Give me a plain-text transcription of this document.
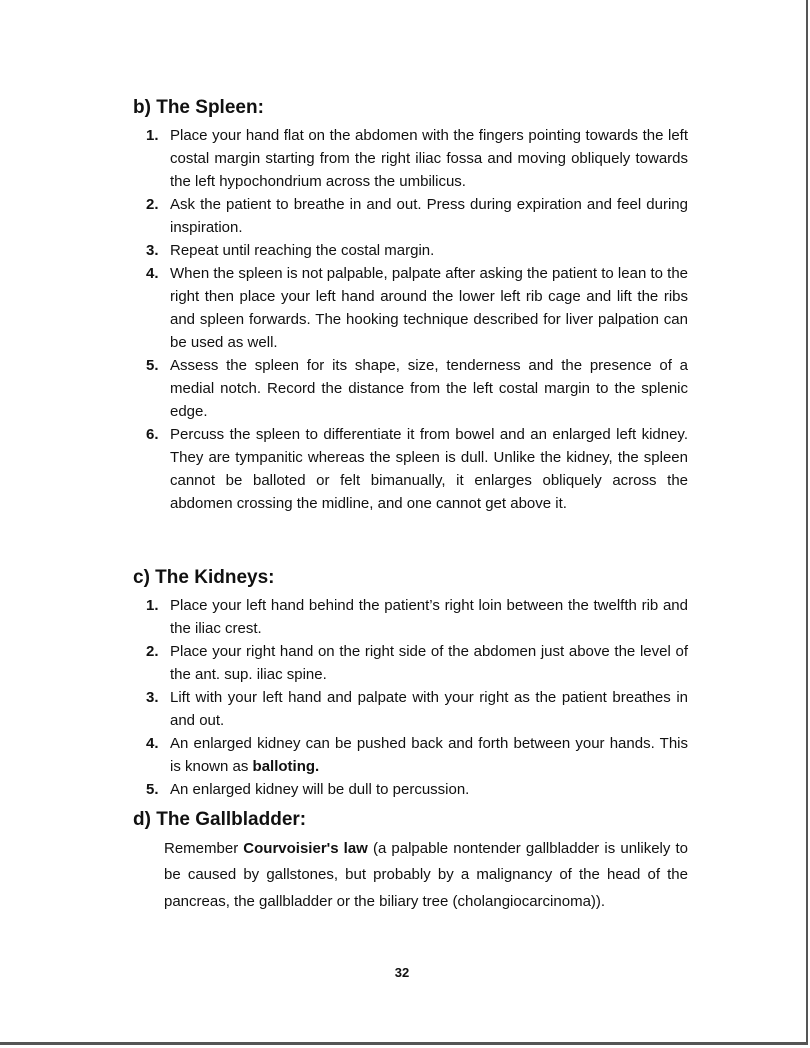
b) The Spleen:
1. Place your hand flat on the abdomen with the fingers pointing towards the left costal margin starting from the right iliac fossa and moving obliquely towards the left hypochondrium across the umbilicus.
2. Ask the patient to breathe in and out. Press during expiration and feel during inspiration.
3. Repeat until reaching the costal margin.
4. When the spleen is not palpable, palpate after asking the patient to lean to the right then place your left hand around the lower left rib cage and lift the ribs and spleen forwards. The hooking technique described for liver palpation can be used as well.
5. Assess the spleen for its shape, size, tenderness and the presence of a medial notch. Record the distance from the left costal margin to the splenic edge.
6. Percuss the spleen to differentiate it from bowel and an enlarged left kidney. They are tympanitic whereas the spleen is dull. Unlike the kidney, the spleen cannot be balloted or felt bimanually, it enlarges obliquely across the abdomen crossing the midline, and one cannot get above it.
c) The Kidneys:
1. Place your left hand behind the patient’s right loin between the twelfth rib and the iliac crest.
2. Place your right hand on the right side of the abdomen just above the level of the ant. sup. iliac spine.
3. Lift with your left hand and palpate with your right as the patient breathes in and out.
4. An enlarged kidney can be pushed back and forth between your hands. This is known as balloting.
5. An enlarged kidney will be dull to percussion.
d) The Gallbladder:

Remember Courvoisier's law (a palpable nontender gallbladder is unlikely to be caused by gallstones, but probably by a malignancy of the head of the pancreas, the gallbladder or the biliary tree (cholangiocarcinoma)).

32
